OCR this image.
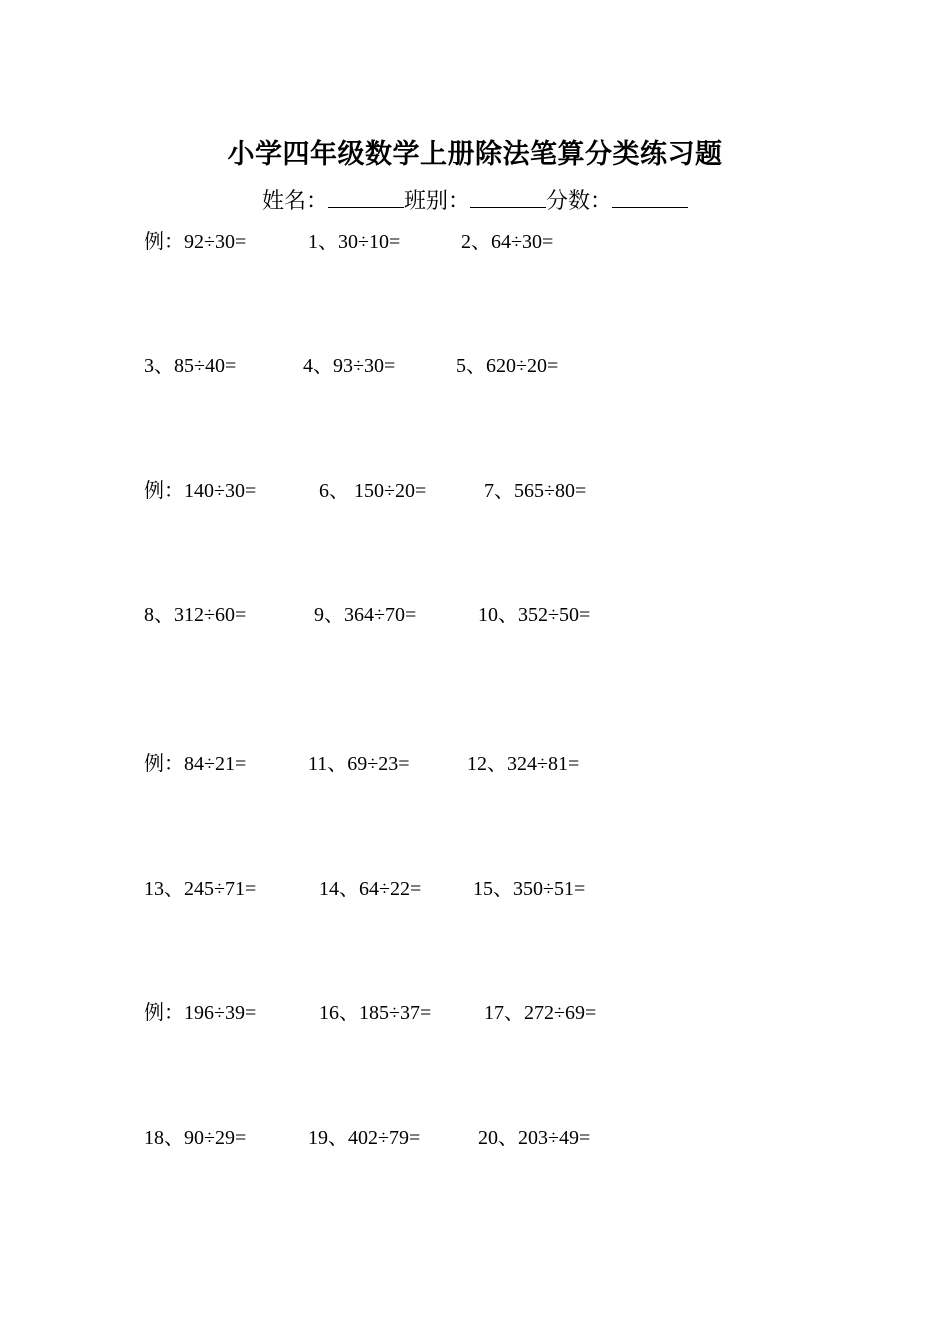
小学四年级数学上册除法笔算分类练习题
姓名：	班别：	分数：
例：92÷30=	1、30÷10=	2、64÷30=
3、85÷40=	4、93÷30=	5、620÷20=
例：140÷30=	6、 150÷20=	7、565÷80=
8、312÷60=	9、364÷70=	10、352÷50=
例：84÷21=	11、69÷23=	12、324÷81=
13、245÷71=	14、64÷22=	15、350÷51=
例：196÷39=	16、185÷37=	17、272÷69=
18、90÷29=	19、402÷79=	20、203÷49=
